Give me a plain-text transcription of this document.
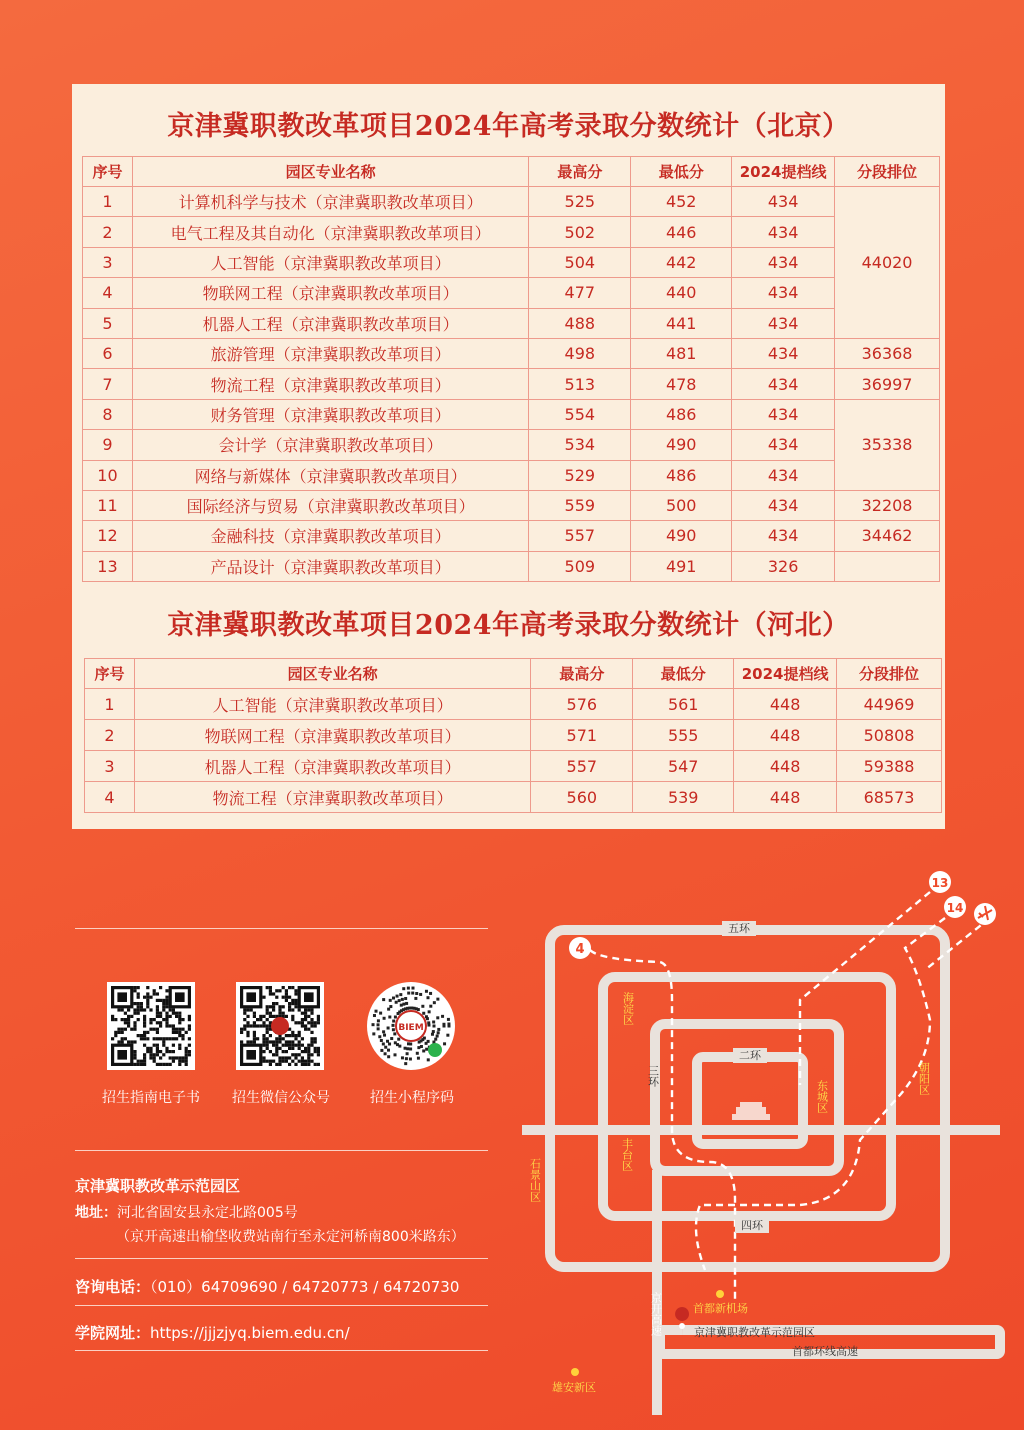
京津冀职教改革项目2024年高考录取分数统计（北京）
序号	园区专业名称	最高分	最低分	2024提档线	分段排位
1	计算机科学与技术（京津冀职教改革项目）	525	452	434	44020
2	电气工程及其自动化（京津冀职教改革项目）	502	446	434	
3	人工智能（京津冀职教改革项目）	504	442	434	
4	物联网工程（京津冀职教改革项目）	477	440	434	
5	机器人工程（京津冀职教改革项目）	488	441	434	
6	旅游管理（京津冀职教改革项目）	498	481	434	36368
7	物流工程（京津冀职教改革项目）	513	478	434	36997
8	财务管理（京津冀职教改革项目）	554	486	434	35338
9	会计学（京津冀职教改革项目）	534	490	434	
10	网络与新媒体（京津冀职教改革项目）	529	486	434	
11	国际经济与贸易（京津冀职教改革项目）	559	500	434	32208
12	金融科技（京津冀职教改革项目）	557	490	434	34462
13	产品设计（京津冀职教改革项目）	509	491	326	
京津冀职教改革项目2024年高考录取分数统计（河北）
序号	园区专业名称	最高分	最低分	2024提档线	分段排位
1	人工智能（京津冀职教改革项目）	576	561	448	44969
2	物联网工程（京津冀职教改革项目）	571	555	448	50808
3	机器人工程（京津冀职教改革项目）	557	547	448	59388
4	物流工程（京津冀职教改革项目）	560	539	448	68573
BIEM
招生指南电子书	招生微信公众号	招生小程序码
京津冀职教改革示范园区
地址：河北省固安县永定北路005号
（京开高速出榆垡收费站南行至永定河桥南800米路东）
咨询电话：（010）64709690 / 64720773 / 64720730
学院网址：https://jjjzjyq.biem.edu.cn/
4
13
14
五环
四环
二环
三环
海淀区
东城区
朝阳区
丰台区
石景山区
京开高速
首都环线高速
首都新机场
京津冀职教改革示范园区
雄安新区
